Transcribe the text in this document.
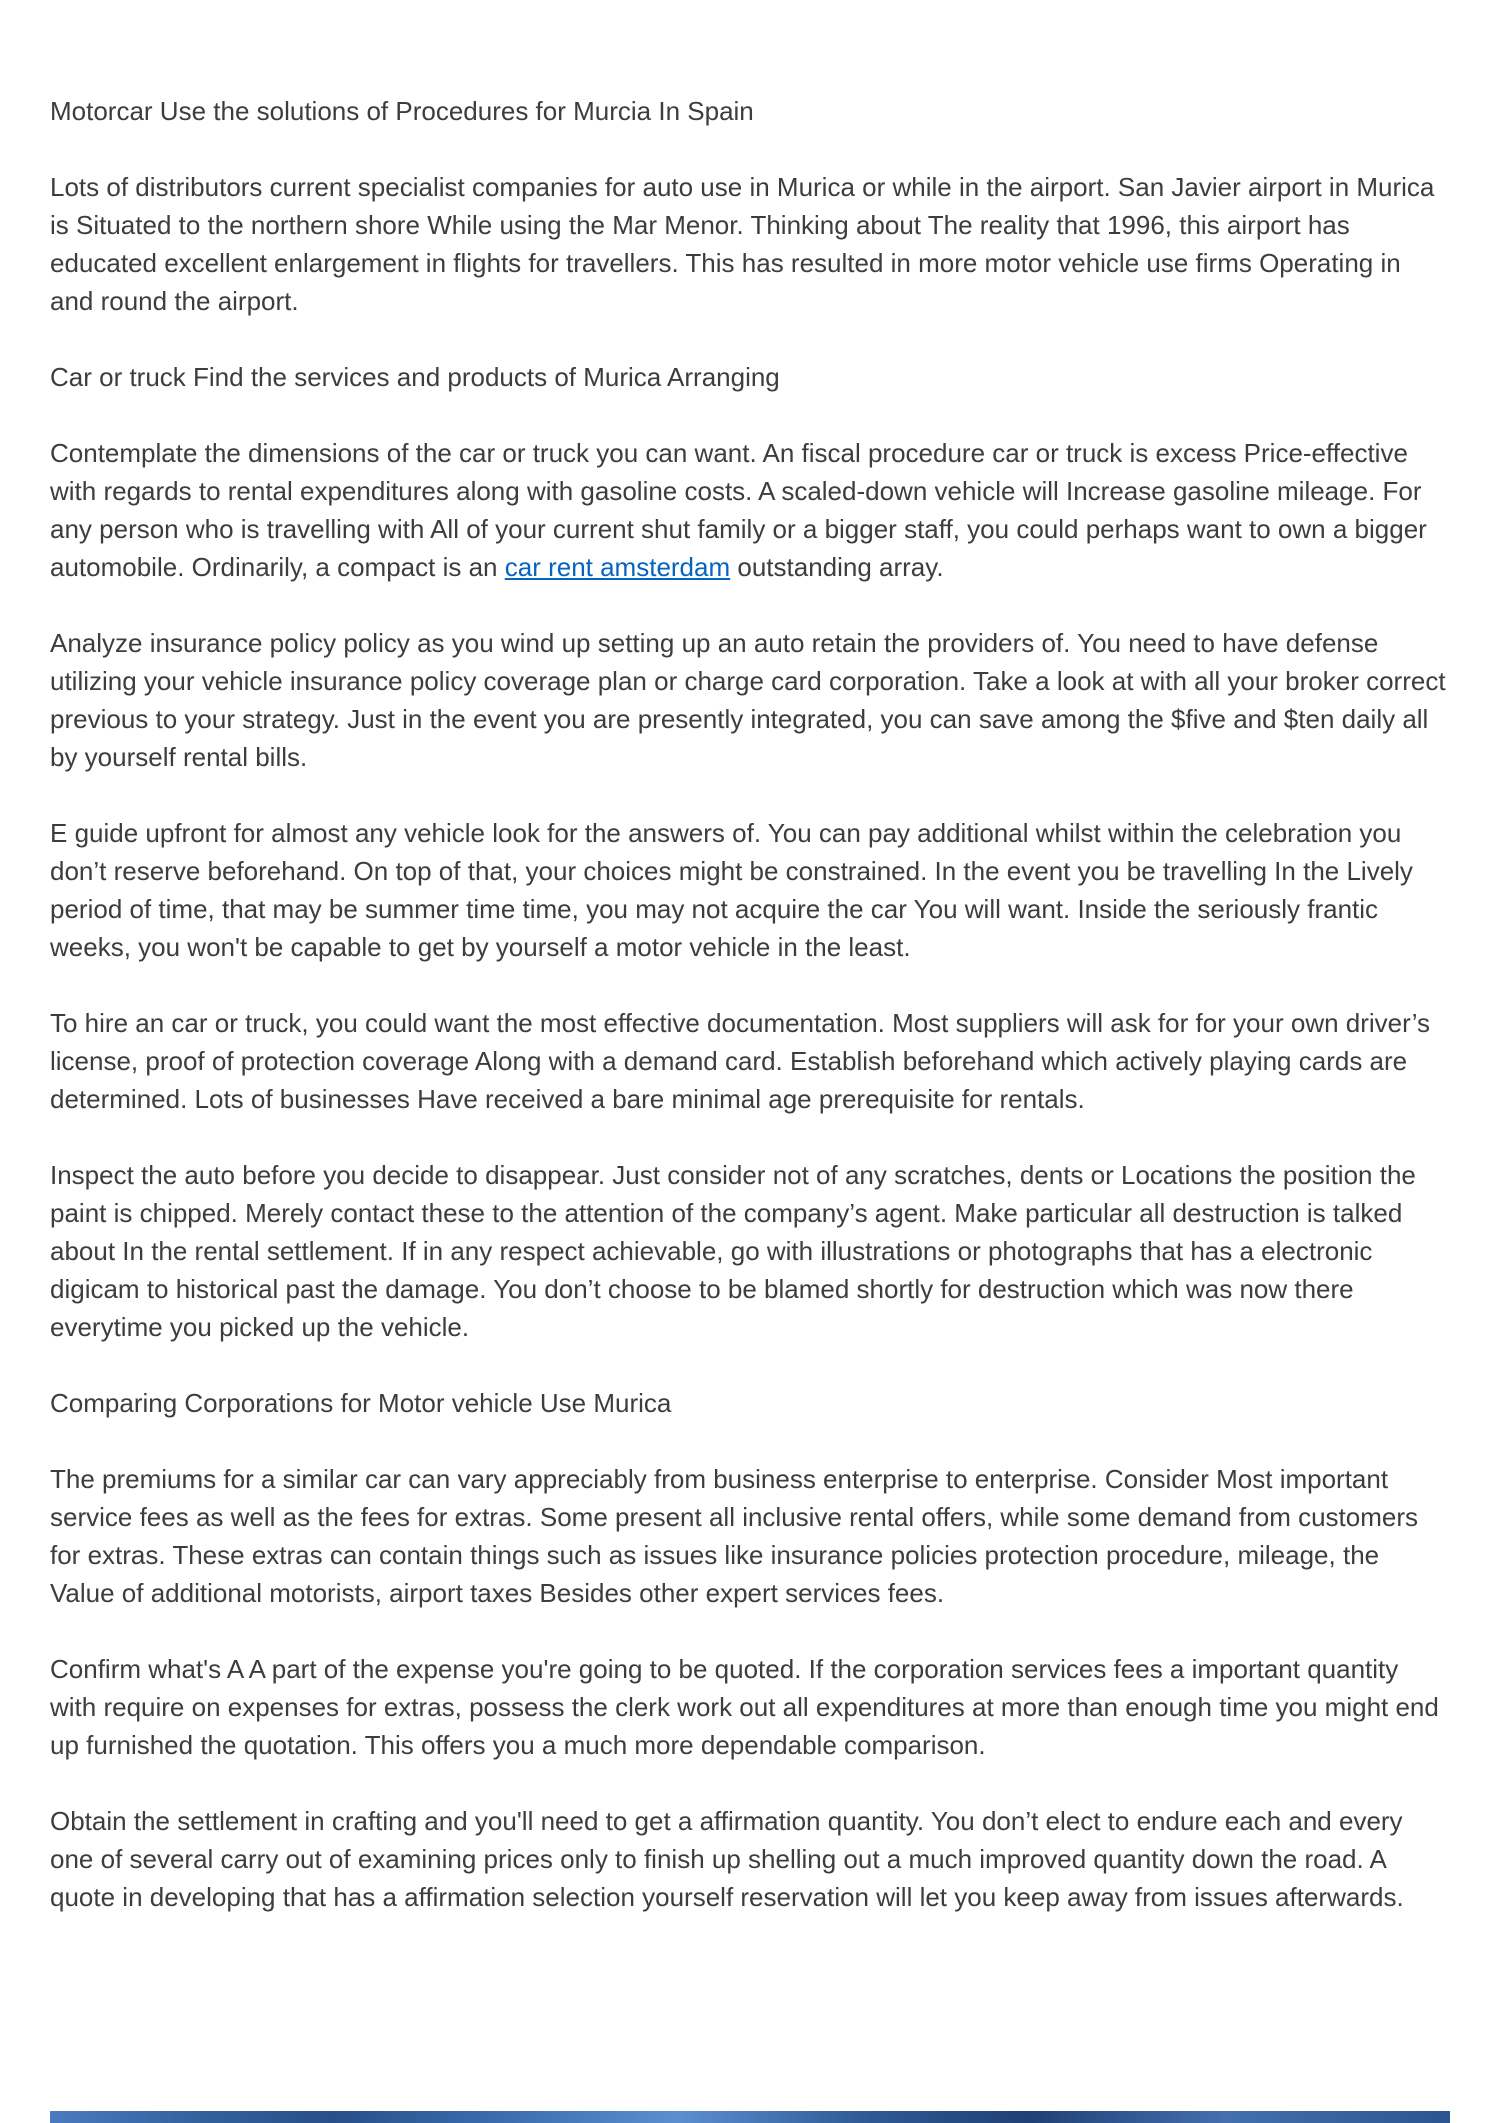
Motorcar Use the solutions of Procedures for Murcia In Spain

Lots of distributors current specialist companies for auto use in Murica or while in the airport. San Javier airport in Murica is Situated to the northern shore While using the Mar Menor. Thinking about The reality that 1996, this airport has educated excellent enlargement in flights for travellers. This has resulted in more motor vehicle use firms Operating in and round the airport.

Car or truck Find the services and products of Murica Arranging

Contemplate the dimensions of the car or truck you can want. An fiscal procedure car or truck is excess Price-effective with regards to rental expenditures along with gasoline costs. A scaled-down vehicle will Increase gasoline mileage. For any person who is travelling with All of your current shut family or a bigger staff, you could perhaps want to own a bigger automobile. Ordinarily, a compact is an car rent amsterdam outstanding array.

Analyze insurance policy policy as you wind up setting up an auto retain the providers of. You need to have defense utilizing your vehicle insurance policy coverage plan or charge card corporation. Take a look at with all your broker correct previous to your strategy. Just in the event you are presently integrated, you can save among the $five and $ten daily all by yourself rental bills.

E guide upfront for almost any vehicle look for the answers of. You can pay additional whilst within the celebration you don’t reserve beforehand. On top of that, your choices might be constrained. In the event you be travelling In the Lively period of time, that may be summer time time, you may not acquire the car You will want. Inside the seriously frantic weeks, you won't be capable to get by yourself a motor vehicle in the least.

To hire an car or truck, you could want the most effective documentation. Most suppliers will ask for for your own driver’s license, proof of protection coverage Along with a demand card. Establish beforehand which actively playing cards are determined. Lots of businesses Have received a bare minimal age prerequisite for rentals.

Inspect the auto before you decide to disappear. Just consider not of any scratches, dents or Locations the position the paint is chipped. Merely contact these to the attention of the company’s agent. Make particular all destruction is talked about In the rental settlement. If in any respect achievable, go with illustrations or photographs that has a electronic digicam to historical past the damage. You don’t choose to be blamed shortly for destruction which was now there everytime you picked up the vehicle.

Comparing Corporations for Motor vehicle Use Murica

The premiums for a similar car can vary appreciably from business enterprise to enterprise. Consider Most important service fees as well as the fees for extras. Some present all inclusive rental offers, while some demand from customers for extras. These extras can contain things such as issues like insurance policies protection procedure, mileage, the Value of additional motorists, airport taxes Besides other expert services fees.

Confirm what's A A part of the expense you're going to be quoted. If the corporation services fees a important quantity with require on expenses for extras, possess the clerk work out all expenditures at more than enough time you might end up furnished the quotation. This offers you a much more dependable comparison.

Obtain the settlement in crafting and you'll need to get a affirmation quantity. You don’t elect to endure each and every one of several carry out of examining prices only to finish up shelling out a much improved quantity down the road. A quote in developing that has a affirmation selection yourself reservation will let you keep away from issues afterwards.
